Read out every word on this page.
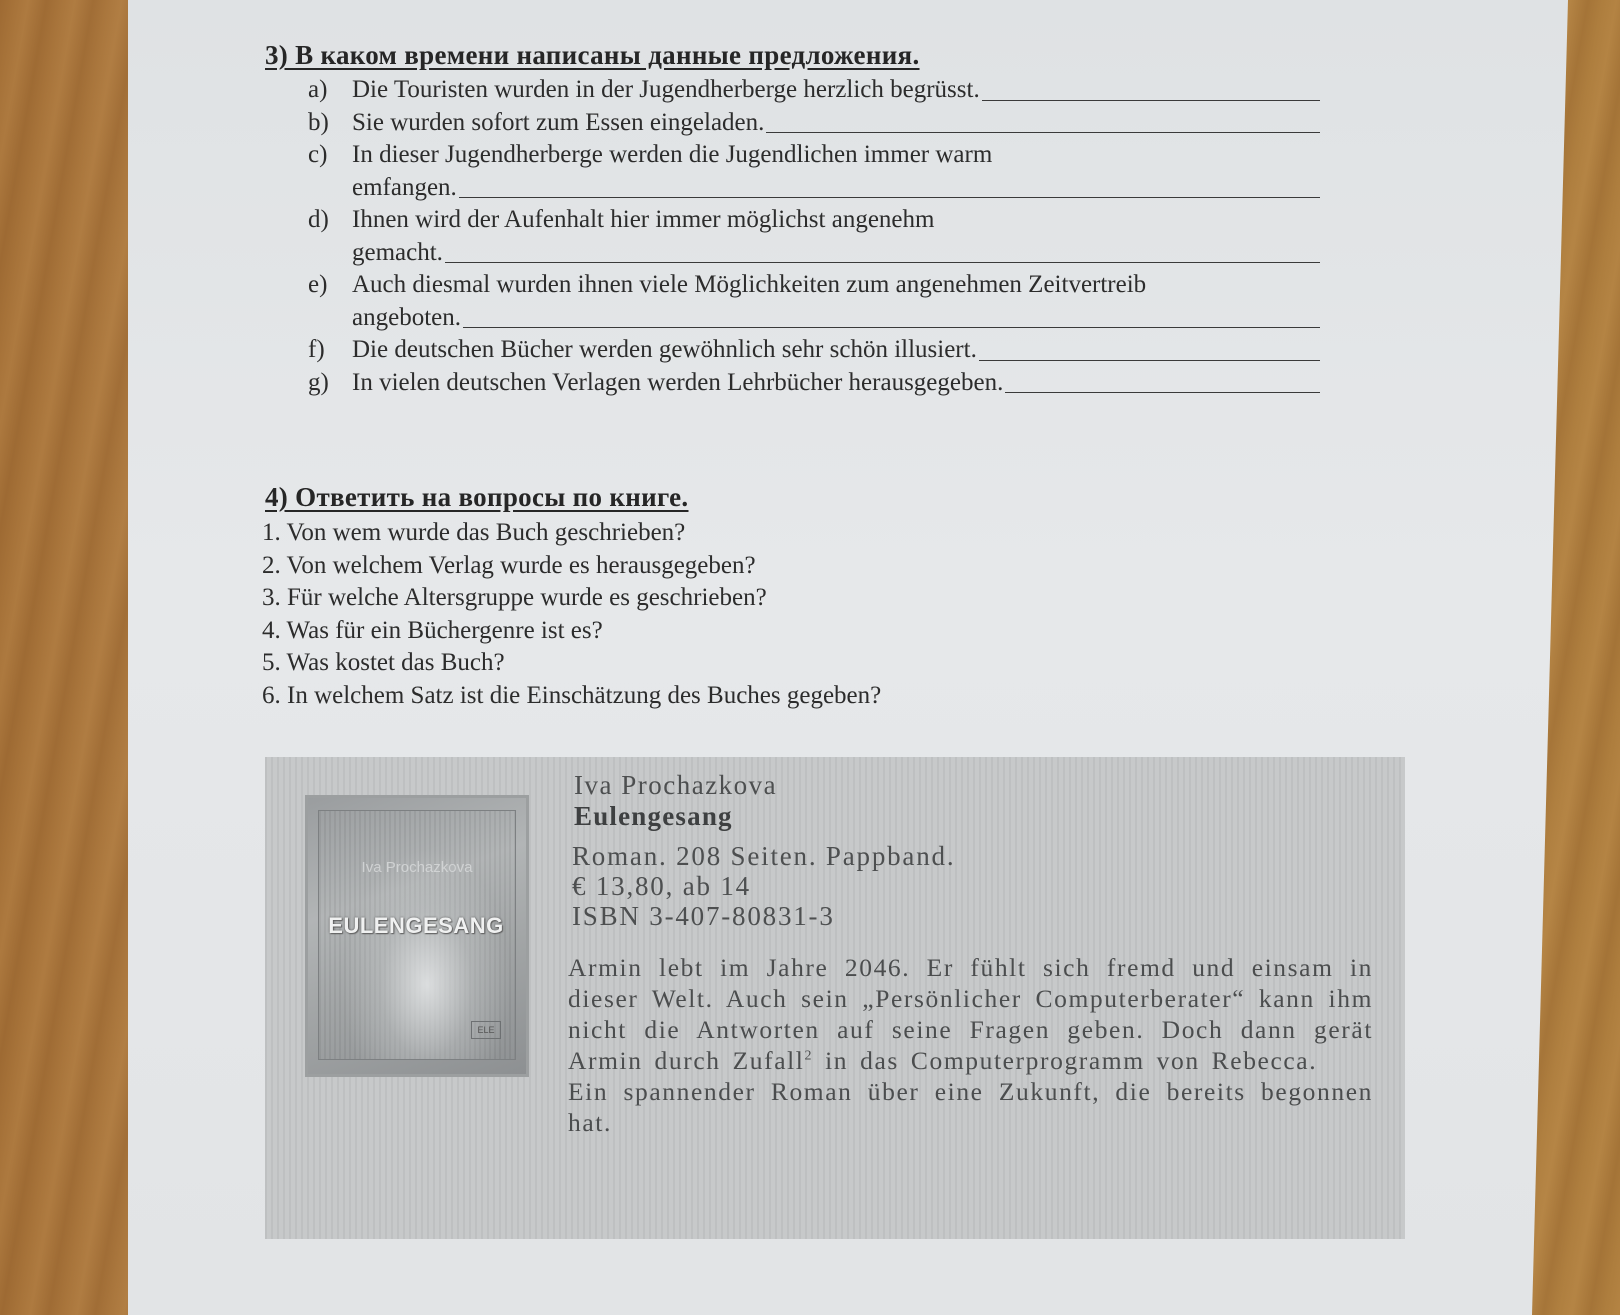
3) В каком времени написаны данные предложения.
a) Die Touristen wurden in der Jugendherberge herzlich begrüsst.
b) Sie wurden sofort zum Essen eingeladen.
c) In dieser Jugendherberge werden die Jugendlichen immer warm
emfangen.
d) Ihnen wird der Aufenhalt hier immer möglichst angenehm
gemacht.
e) Auch diesmal wurden ihnen viele Möglichkeiten zum angenehmen Zeitvertreib
angeboten.
f) Die deutschen Bücher werden gewöhnlich sehr schön illusiert.
g) In vielen deutschen Verlagen werden Lehrbücher herausgegeben.
4) Ответить на вопросы по книге.
1. Von wem wurde das Buch geschrieben?
2. Von welchem Verlag wurde es herausgegeben?
3. Für welche Altersgruppe wurde es geschrieben?
4. Was für ein Büchergenre ist es?
5. Was kostet das Buch?
6. In welchem Satz ist die Einschätzung des Buches gegeben?
Iva Prochazkova
EULENGESANG
ELE
Iva Prochazkova
Eulengesang
Roman. 208 Seiten. Pappband.
€ 13,80, ab 14
ISBN 3-407-80831-3

Armin lebt im Jahre 2046. Er fühlt sich fremd und einsam in dieser Welt. Auch sein „Persönlicher Computerberater“ kann ihm nicht die Antworten auf seine Fragen geben. Doch dann gerät Armin durch Zufall$^2$ in das Computerprogramm von Rebecca.

Ein spannender Roman über eine Zukunft, die bereits begonnen hat.
